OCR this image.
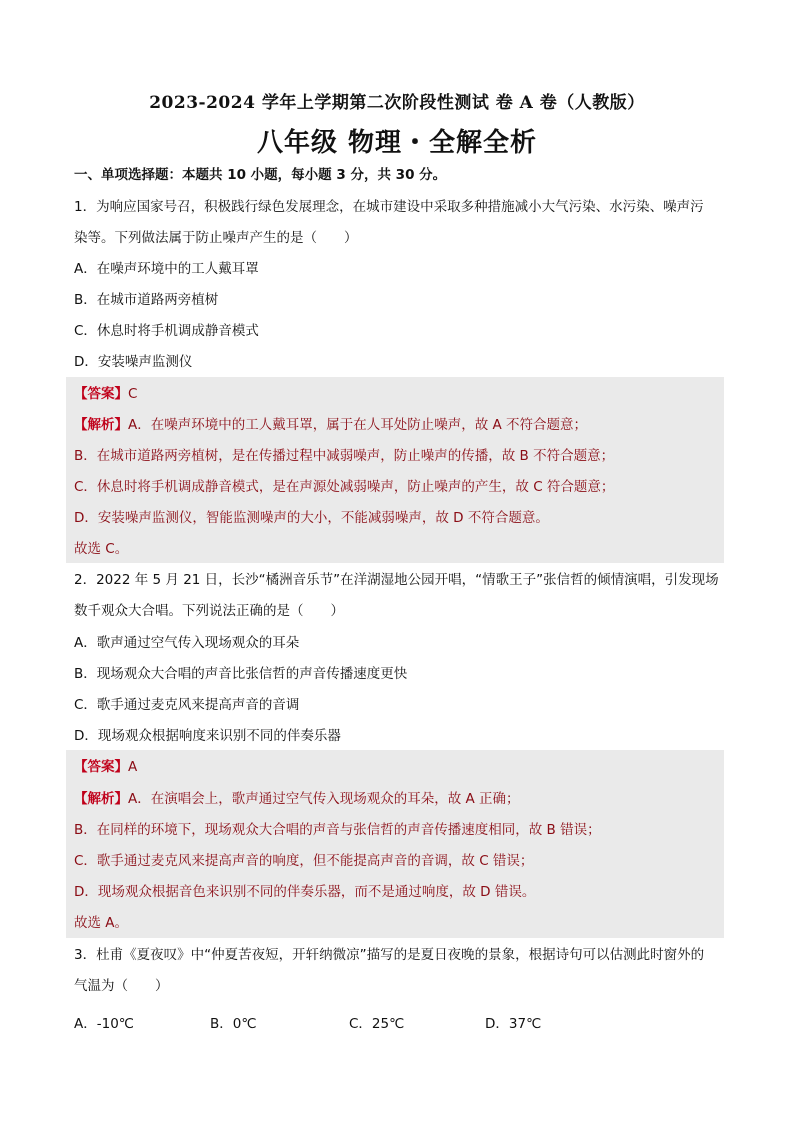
2023-2024 学年上学期第二次阶段性测试 卷 A 卷（人教版）
八年级 物理・全解全析
一、单项选择题：本题共 10 小题，每小题 3 分，共 30 分。
1．为响应国家号召，积极践行绿色发展理念，在城市建设中采取多种措施减小大气污染、水污染、噪声污
染等。下列做法属于防止噪声产生的是（　　）
A．在噪声环境中的工人戴耳罩
B．在城市道路两旁植树
C．休息时将手机调成静音模式
D．安装噪声监测仪
【答案】C
【解析】A．在噪声环境中的工人戴耳罩，属于在人耳处防止噪声，故 A 不符合题意；
B．在城市道路两旁植树，是在传播过程中减弱噪声，防止噪声的传播，故 B 不符合题意；
C．休息时将手机调成静音模式，是在声源处减弱噪声，防止噪声的产生，故 C 符合题意；
D．安装噪声监测仪，智能监测噪声的大小，不能减弱噪声，故 D 不符合题意。
故选 C。
2．2022 年 5 月 21 日，长沙“橘洲音乐节”在洋湖湿地公园开唱，“情歌王子”张信哲的倾情演唱，引发现场
数千观众大合唱。下列说法正确的是（　　）
A．歌声通过空气传入现场观众的耳朵
B．现场观众大合唱的声音比张信哲的声音传播速度更快
C．歌手通过麦克风来提高声音的音调
D．现场观众根据响度来识别不同的伴奏乐器
【答案】A
【解析】A．在演唱会上，歌声通过空气传入现场观众的耳朵，故 A 正确；
B．在同样的环境下，现场观众大合唱的声音与张信哲的声音传播速度相同，故 B 错误；
C．歌手通过麦克风来提高声音的响度，但不能提高声音的音调，故 C 错误；
D．现场观众根据音色来识别不同的伴奏乐器，而不是通过响度，故 D 错误。
故选 A。
3．杜甫《夏夜叹》中“仲夏苦夜短，开轩纳微凉”描写的是夏日夜晚的景象，根据诗句可以估测此时窗外的
气温为（　　）
A．-10℃	B．0℃	C．25℃	D．37℃
